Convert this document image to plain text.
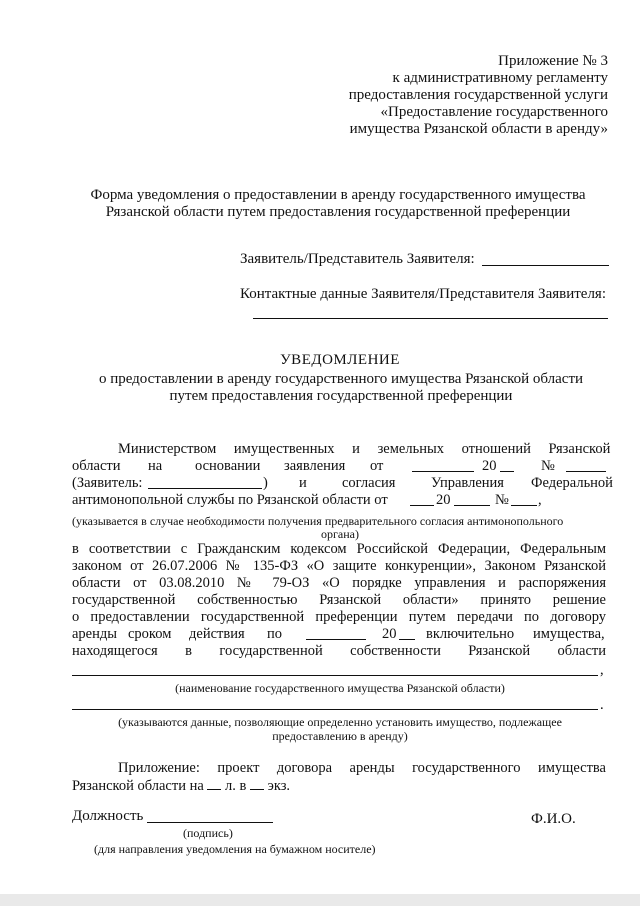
Приложение № 3
к административному регламенту
предоставления государственной услуги
«Предоставление государственного
имущества Рязанской области в аренду»
Форма уведомления о предоставлении в аренду государственного имущества
Рязанской области путем предоставления государственной преференции
Заявитель/Представитель Заявителя:
Контактные данные Заявителя/Представителя Заявителя:
УВЕДОМЛЕНИЕ
о предоставлении в аренду государственного имущества Рязанской области
путем предоставления государственной преференции
Министерством имущественных и земельных отношений Рязанской
области на основании заявления от	20	№
(Заявитель:	) и согласия Управления Федеральной
антимонопольной службы по Рязанской области от	20	№ ,
(указывается в случае необходимости получения предварительного согласия антимонопольного
органа)
в соответствии с Гражданским кодексом Российской Федерации, Федеральным
законом от 26.07.2006 № 135-ФЗ «О защите конкуренции», Законом Рязанской
области от 03.08.2010 № 79-ОЗ «О порядке управления и распоряжения
государственной собственностью Рязанской области» принято решение
о предоставлении государственной преференции путем передачи по договору
аренды сроком действия по	20 включительно имущества,
находящегося в государственной собственности Рязанской области
,
(наименование государственного имущества Рязанской области)
.
(указываются данные, позволяющие определенно установить имущество, подлежащее
предоставлению в аренду)
Приложение: проект договора аренды государственного имущества
Рязанской области на л. в экз.
Должность
(подпись)
Ф.И.О.
(для направления уведомления на бумажном носителе)
